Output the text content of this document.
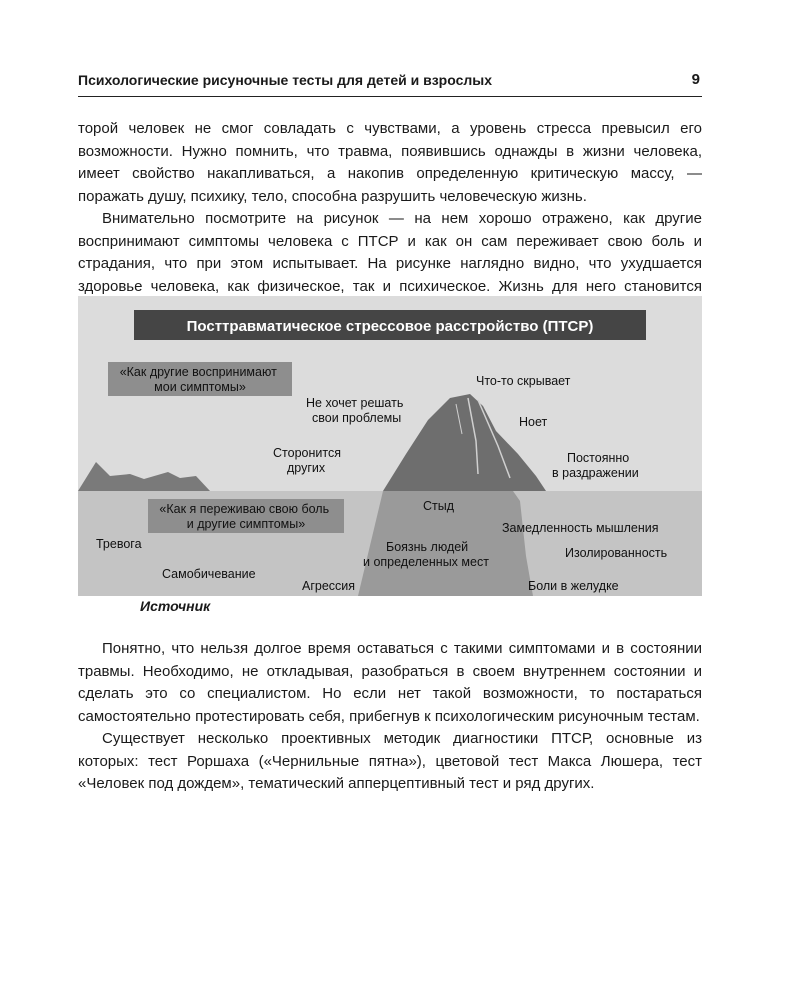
Психологические рисуночные тесты для детей и взрослых	9

торой человек не смог совладать с чувствами, а уровень стресса превысил его возможности. Нужно помнить, что травма, появившись однажды в жизни человека, имеет свойство накапливаться, а накопив определенную критическую массу, — поражать душу, психику, тело, способна разрушить человеческую жизнь.

Внимательно посмотрите на рисунок — на нем хорошо отражено, как другие воспринимают симптомы человека с ПТСР и как он сам переживает свою боль и страдания, что при этом испытывает. На рисунке наглядно видно, что ухудшается здоровье человека, как физическое, так и психическое. Жизнь для него становится

Посттравматическое стрессовое расстройство (ПТСР)
«Как другие воспринимают мои симптомы»
«Как я переживаю свою боль и другие симптомы»
Что-то скрывает
Не хочет решать
свои проблемы	Ноет
Сторонится
других
Постоянно
в раздражении
Стыд
Замедленность мышления
Тревога	Боязнь людей
и определенных мест
Изолированность
Самобичевание
Агрессия	Боли в желудке
Источник

Понятно, что нельзя долгое время оставаться с такими симптомами и в состоянии травмы. Необходимо, не откладывая, разобраться в своем внутреннем состоянии и сделать это со специалистом. Но если нет такой возможности, то постараться самостоятельно протестировать себя, прибегнув к психологическим рисуночным тестам.

Существует несколько проективных методик диагностики ПТСР, основные из которых: тест Роршаха («Чернильные пятна»), цветовой тест Макса Люшера, тест «Человек под дождем», тематический апперцептивный тест и ряд других.
